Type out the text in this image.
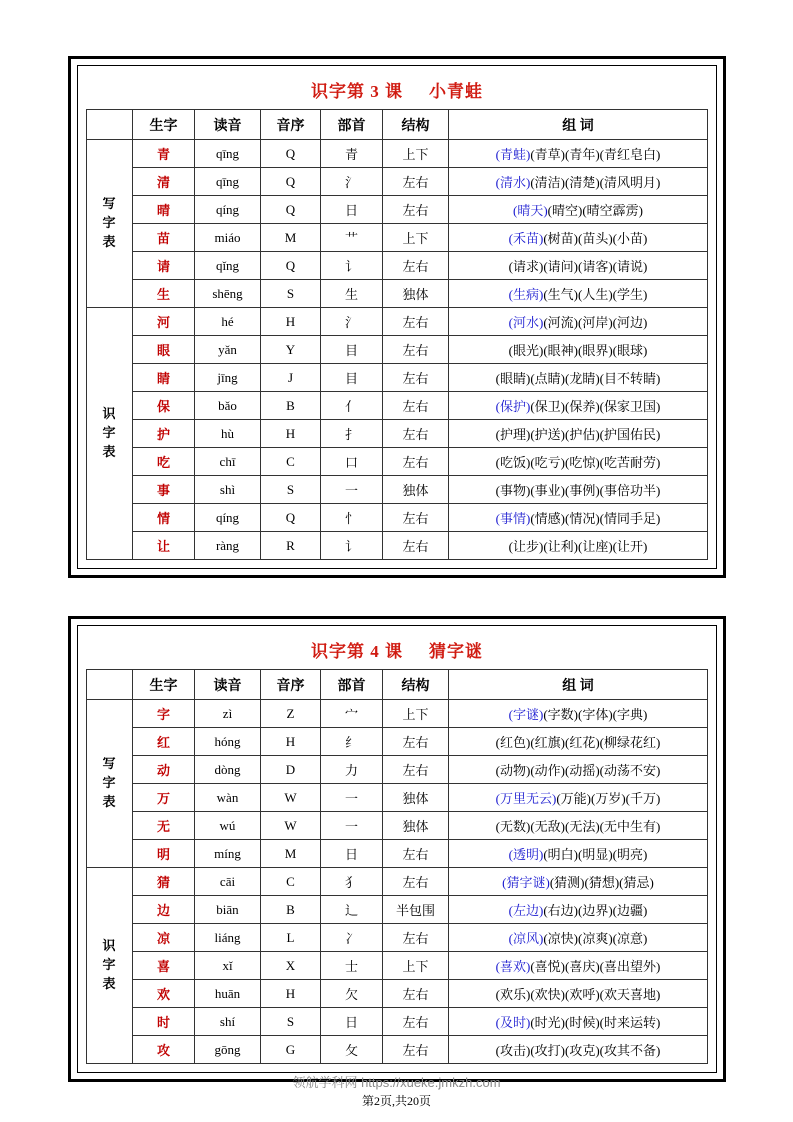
识字第 3 课 小青蛙
	生字	读音	音序	部首	结构	组 词

写
字
表	青	qīng	Q	青	上下	(青蛙)(青草)(青年)(青红皂白)
	清	qīng	Q	氵	左右	(清水)(清洁)(清楚)(清风明月)
	晴	qíng	Q	日	左右	(晴天)(晴空)(晴空霹雳)
	苗	miáo	M	艹	上下	(禾苗)(树苗)(苗头)(小苗)
	请	qǐng	Q	讠	左右	(请求)(请问)(请客)(请说)
	生	shēng	S	生	独体	(生病)(生气)(人生)(学生)

识
字
表	河	hé	H	氵	左右	(河水)(河流)(河岸)(河边)
	眼	yǎn	Y	目	左右	(眼光)(眼神)(眼界)(眼球)
	睛	jīng	J	目	左右	(眼睛)(点睛)(龙睛)(目不转睛)
	保	bǎo	B	亻	左右	(保护)(保卫)(保养)(保家卫国)
	护	hù	H	扌	左右	(护理)(护送)(护估)(护国佑民)
	吃	chī	C	口	左右	(吃饭)(吃亏)(吃惊)(吃苦耐劳)
	事	shì	S	一	独体	(事物)(事业)(事例)(事倍功半)
	情	qíng	Q	忄	左右	(事情)(情感)(情况)(情同手足)
	让	ràng	R	讠	左右	(让步)(让利)(让座)(让开)
识字第 4 课 猜字谜
	生字	读音	音序	部首	结构	组 词

写
字
表	字	zì	Z	宀	上下	(字谜)(字数)(字体)(字典)
	红	hóng	H	纟	左右	(红色)(红旗)(红花)(柳绿花红)
	动	dòng	D	力	左右	(动物)(动作)(动摇)(动荡不安)
	万	wàn	W	一	独体	(万里无云)(万能)(万岁)(千万)
	无	wú	W	一	独体	(无数)(无敌)(无法)(无中生有)
	明	míng	M	日	左右	(透明)(明白)(明显)(明亮)

识
字
表	猜	cāi	C	犭	左右	(猜字谜)(猜测)(猜想)(猜忌)
	边	biān	B	辶	半包围	(左边)(右边)(边界)(边疆)
	凉	liáng	L	冫	左右	(凉风)(凉快)(凉爽)(凉意)
	喜	xǐ	X	士	上下	(喜欢)(喜悦)(喜庆)(喜出望外)
	欢	huān	H	欠	左右	(欢乐)(欢快)(欢呼)(欢天喜地)
	时	shí	S	日	左右	(及时)(时光)(时候)(时来运转)
	攻	gōng	G	攵	左右	(攻击)(攻打)(攻克)(攻其不备)
领航学科网 https://xueke.jmkzh.com
第2页,共20页
